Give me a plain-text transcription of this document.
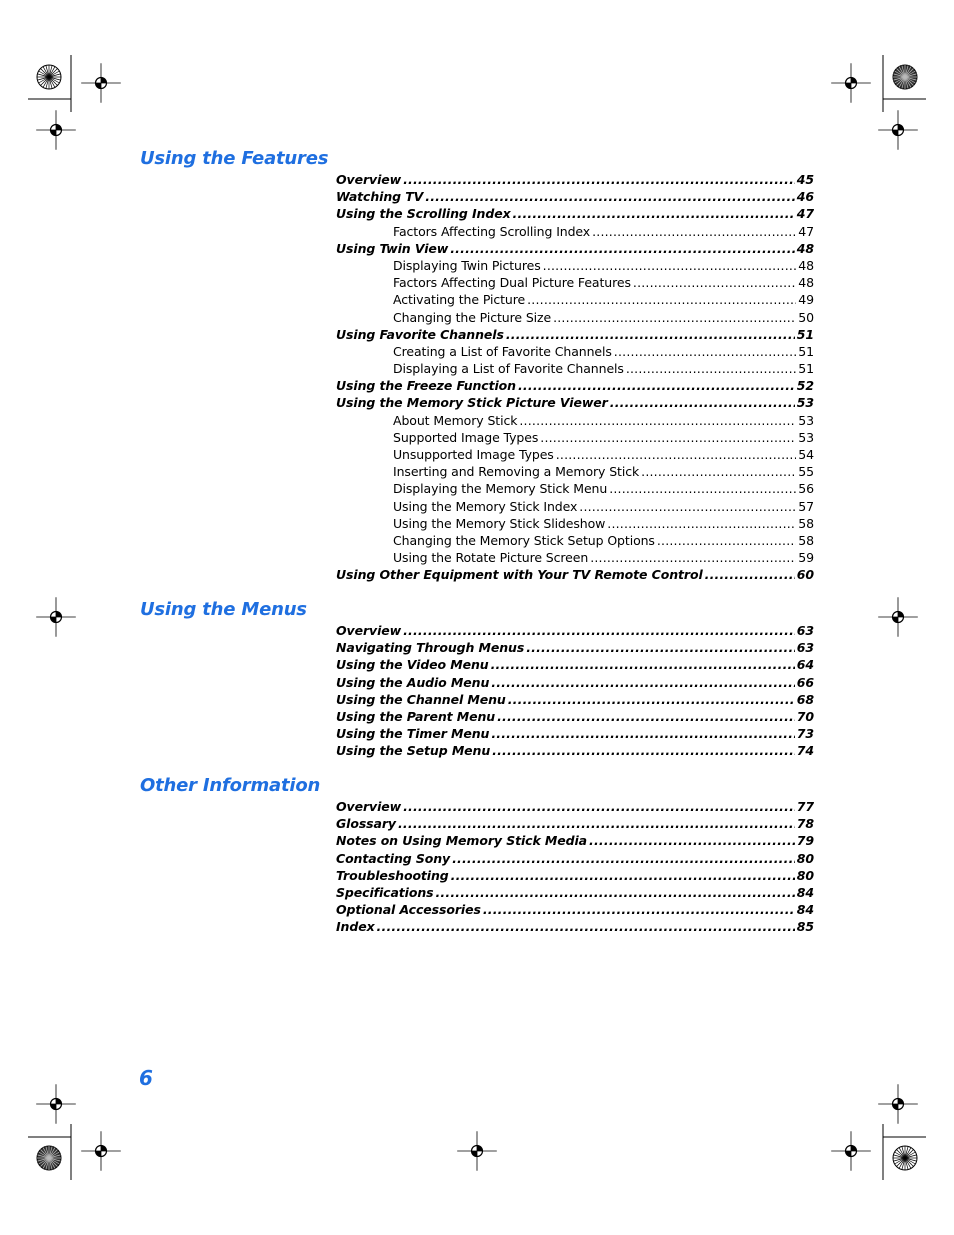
Using the Features
Overview .....	45
Watching TV .....	46
Using the Scrolling Index .....	47
Factors Affecting Scrolling Index .....	47
Using Twin View .....	48
Displaying Twin Pictures .....	48
Factors Affecting Dual Picture Features .....	48
Activating the Picture .....	49
Changing the Picture Size .....	50
Using Favorite Channels .....	51
Creating a List of Favorite Channels .....	51
Displaying a List of Favorite Channels .....	51
Using the Freeze Function .....	52
Using the Memory Stick Picture Viewer .....	53
About Memory Stick .....	53
Supported Image Types .....	53
Unsupported Image Types .....	54
Inserting and Removing a Memory Stick .....	55
Displaying the Memory Stick Menu .....	56
Using the Memory Stick Index .....	57
Using the Memory Stick Slideshow .....	58
Changing the Memory Stick Setup Options .....	58
Using the Rotate Picture Screen .....	59
Using Other Equipment with Your TV Remote Control .....	60
Using the Menus
Overview .....	63
Navigating Through Menus .....	63
Using the Video Menu .....	64
Using the Audio Menu .....	66
Using the Channel Menu .....	68
Using the Parent Menu .....	70
Using the Timer Menu .....	73
Using the Setup Menu .....	74
Other Information
Overview .....	77
Glossary .....	78
Notes on Using Memory Stick Media .....	79
Contacting Sony .....	80
Troubleshooting .....	80
Specifications .....	84
Optional Accessories .....	84
Index .....	85

6
